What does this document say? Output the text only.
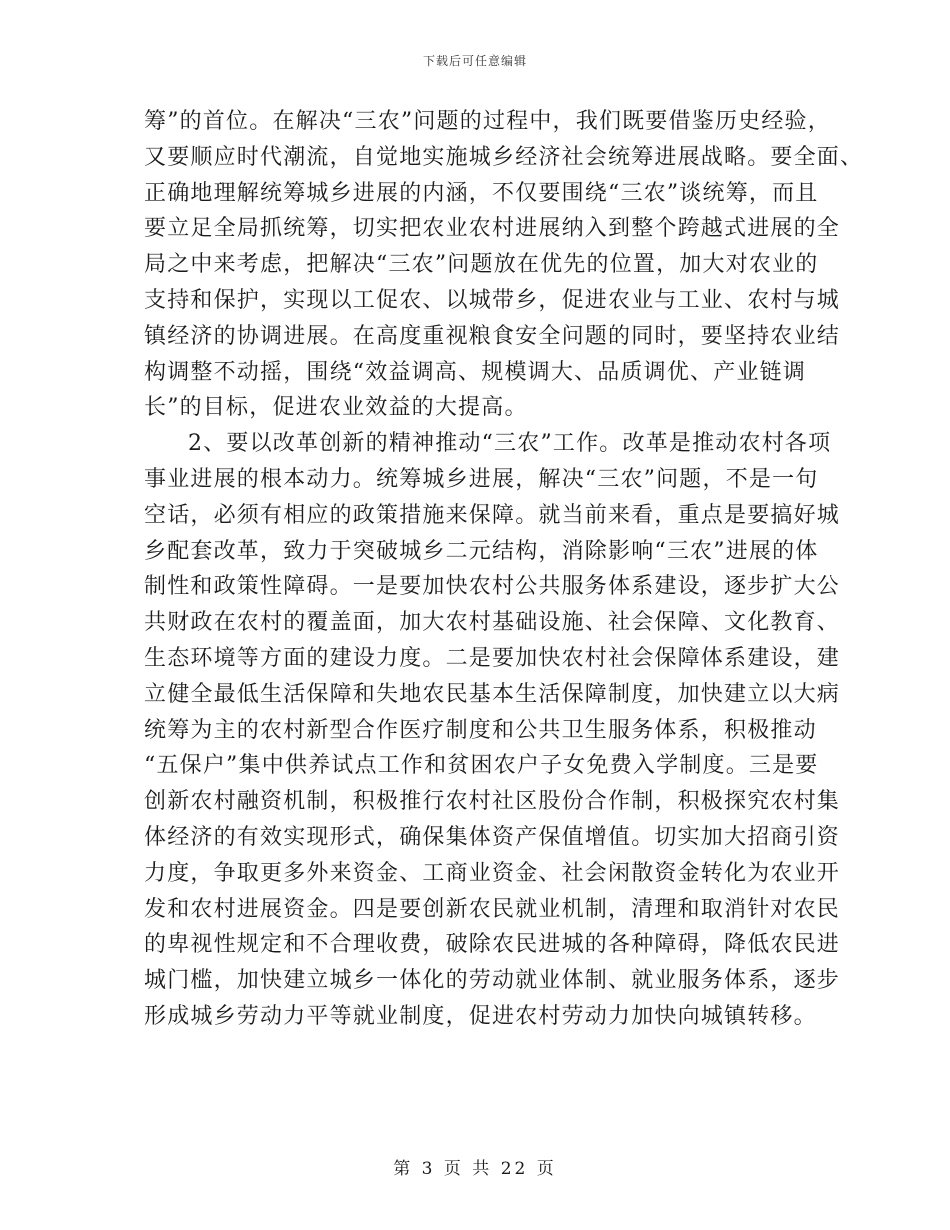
下载后可任意编辑

筹”的首位。在解决“三农”问题的过程中，我们既要借鉴历史经验，
又要顺应时代潮流，自觉地实施城乡经济社会统筹进展战略。要全面、
正确地理解统筹城乡进展的内涵，不仅要围绕“三农”谈统筹，而且
要立足全局抓统筹，切实把农业农村进展纳入到整个跨越式进展的全
局之中来考虑，把解决“三农”问题放在优先的位置，加大对农业的
支持和保护，实现以工促农、以城带乡，促进农业与工业、农村与城
镇经济的协调进展。在高度重视粮食安全问题的同时，要坚持农业结
构调整不动摇，围绕“效益调高、规模调大、品质调优、产业链调
长”的目标，促进农业效益的大提高。

2、要以改革创新的精神推动“三农”工作。改革是推动农村各项
事业进展的根本动力。统筹城乡进展，解决“三农”问题，不是一句
空话，必须有相应的政策措施来保障。就当前来看，重点是要搞好城
乡配套改革，致力于突破城乡二元结构，消除影响“三农”进展的体
制性和政策性障碍。一是要加快农村公共服务体系建设，逐步扩大公
共财政在农村的覆盖面，加大农村基础设施、社会保障、文化教育、
生态环境等方面的建设力度。二是要加快农村社会保障体系建设，建
立健全最低生活保障和失地农民基本生活保障制度，加快建立以大病
统筹为主的农村新型合作医疗制度和公共卫生服务体系，积极推动
“五保户”集中供养试点工作和贫困农户子女免费入学制度。三是要
创新农村融资机制，积极推行农村社区股份合作制，积极探究农村集
体经济的有效实现形式，确保集体资产保值增值。切实加大招商引资
力度，争取更多外来资金、工商业资金、社会闲散资金转化为农业开
发和农村进展资金。四是要创新农民就业机制，清理和取消针对农民
的卑视性规定和不合理收费，破除农民进城的各种障碍，降低农民进
城门槛，加快建立城乡一体化的劳动就业体制、就业服务体系，逐步
形成城乡劳动力平等就业制度，促进农村劳动力加快向城镇转移。

第 3 页 共 22 页
